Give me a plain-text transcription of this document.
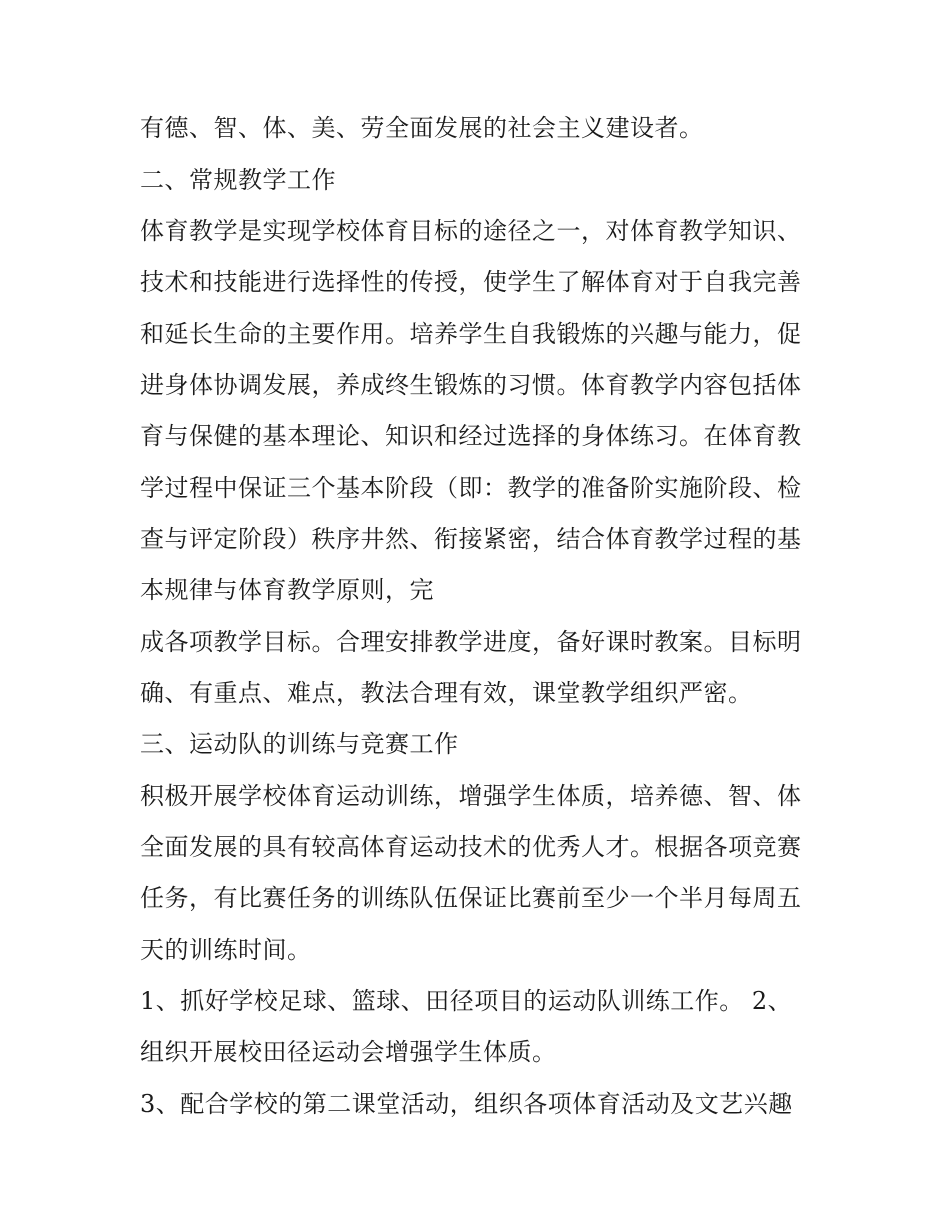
有德、智、体、美、劳全面发展的社会主义建设者。
二、常规教学工作
体育教学是实现学校体育目标的途径之一，对体育教学知识、
技术和技能进行选择性的传授，使学生了解体育对于自我完善
和延长生命的主要作用。培养学生自我锻炼的兴趣与能力，促
进身体协调发展，养成终生锻炼的习惯。体育教学内容包括体
育与保健的基本理论、知识和经过选择的身体练习。在体育教
学过程中保证三个基本阶段（即：教学的准备阶实施阶段、检
查与评定阶段）秩序井然、衔接紧密，结合体育教学过程的基
本规律与体育教学原则，完
成各项教学目标。合理安排教学进度，备好课时教案。目标明
确、有重点、难点，教法合理有效，课堂教学组织严密。
三、运动队的训练与竞赛工作
积极开展学校体育运动训练，增强学生体质，培养德、智、体
全面发展的具有较高体育运动技术的优秀人才。根据各项竞赛
任务，有比赛任务的训练队伍保证比赛前至少一个半月每周五
天的训练时间。
1、抓好学校足球、篮球、田径项目的运动队训练工作。 2、
组织开展校田径运动会增强学生体质。
3、配合学校的第二课堂活动，组织各项体育活动及文艺兴趣
